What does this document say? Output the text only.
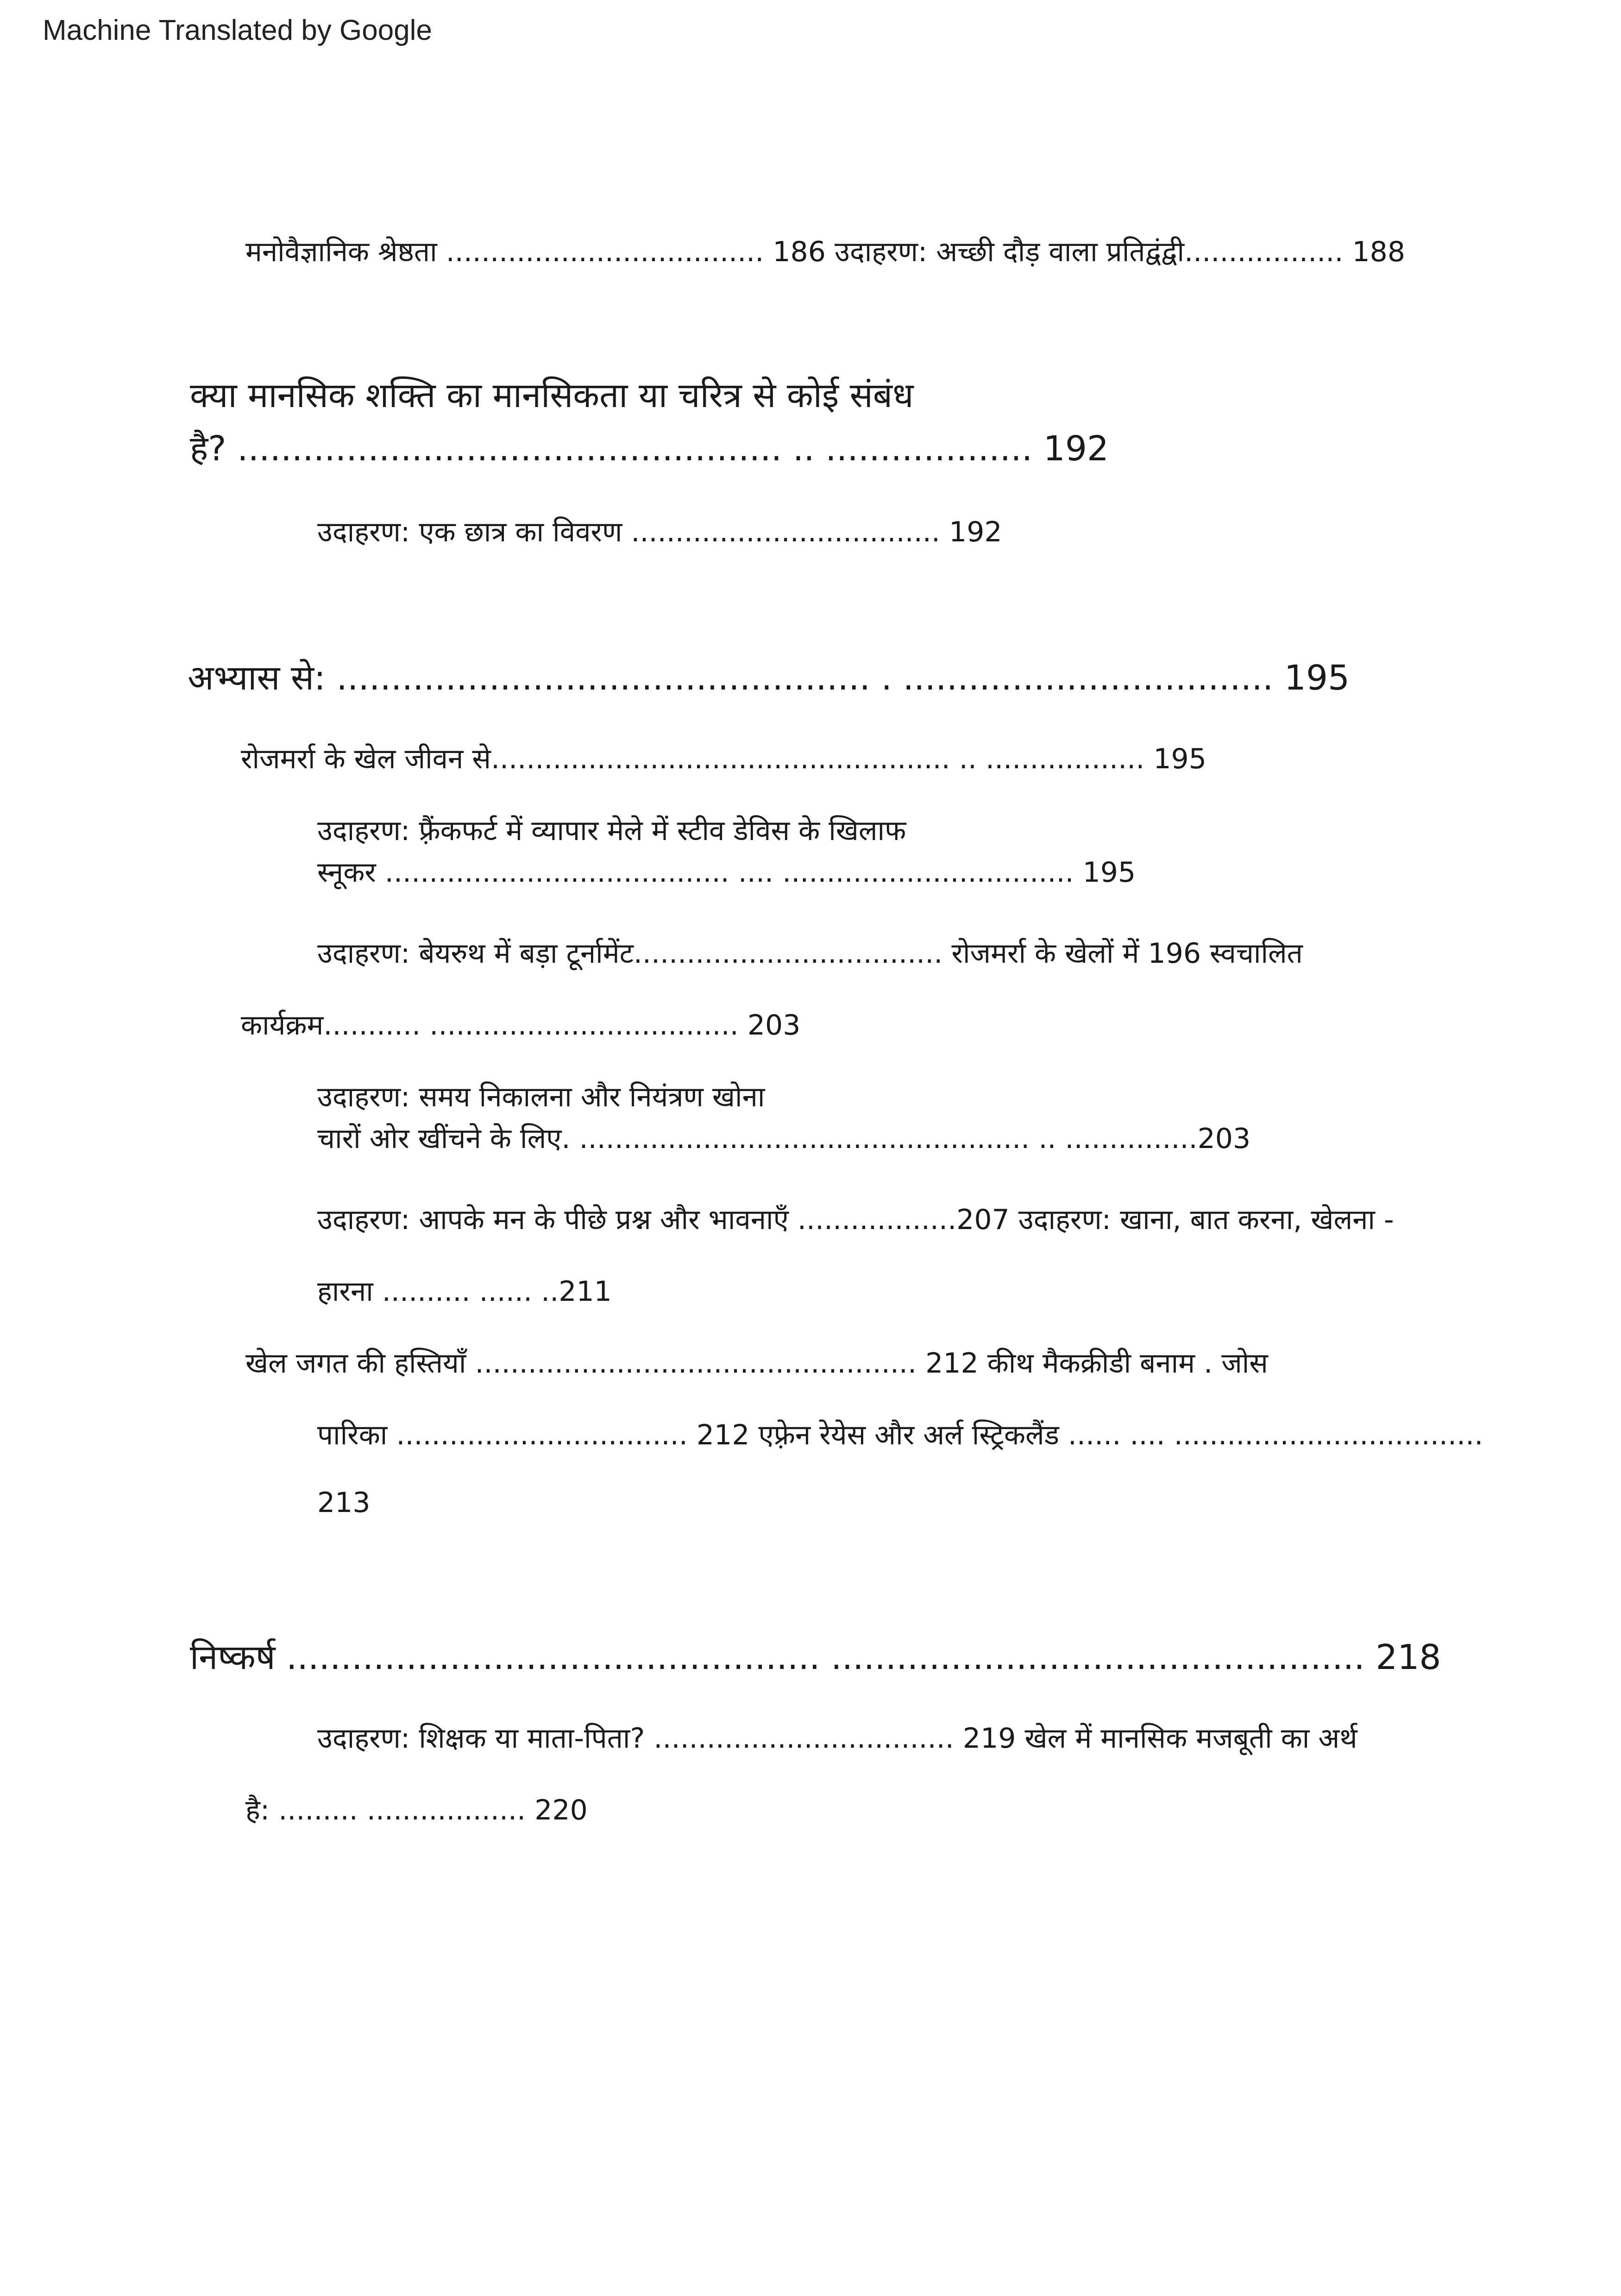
Machine Translated by Google
मनोवैज्ञानिक श्रेष्ठता .................................... 186 उदाहरण: अच्छी दौड़ वाला प्रतिद्वंद्वी.................. 188
क्या मानसिक शक्ति का मानसिकता या चरित्र से कोई संबंध
है? .................................................. .. ................... 192
उदाहरण: एक छात्र का विवरण ................................... 192
अभ्यास से: ................................................. . .................................. 195
रोजमर्रा के खेल जीवन से.................................................... .. .................. 195
उदाहरण: फ़्रैंकफर्ट में व्यापार मेले में स्टीव डेविस के खिलाफ
स्नूकर ....................................... .... ................................. 195
उदाहरण: बेयरुथ में बड़ा टूर्नामेंट................................... रोजमर्रा के खेलों में 196 स्वचालित
कार्यक्रम........... ................................... 203
उदाहरण: समय निकालना और नियंत्रण खोना
चारों ओर खींचने के लिए. ................................................... .. ...............203
उदाहरण: आपके मन के पीछे प्रश्न और भावनाएँ ..................207 उदाहरण: खाना, बात करना, खेलना -
हारना .......... ...... ..211
खेल जगत की हस्तियाँ .................................................. 212 कीथ मैकक्रीडी बनाम . जोस
पारिका ................................. 212 एफ़्रेन रेयेस और अर्ल स्ट्रिकलैंड ...... .... ...................................
213
निष्कर्ष ................................................. ................................................. 218
उदाहरण: शिक्षक या माता-पिता? .................................. 219 खेल में मानसिक मजबूती का अर्थ
है: ......... .................. 220
